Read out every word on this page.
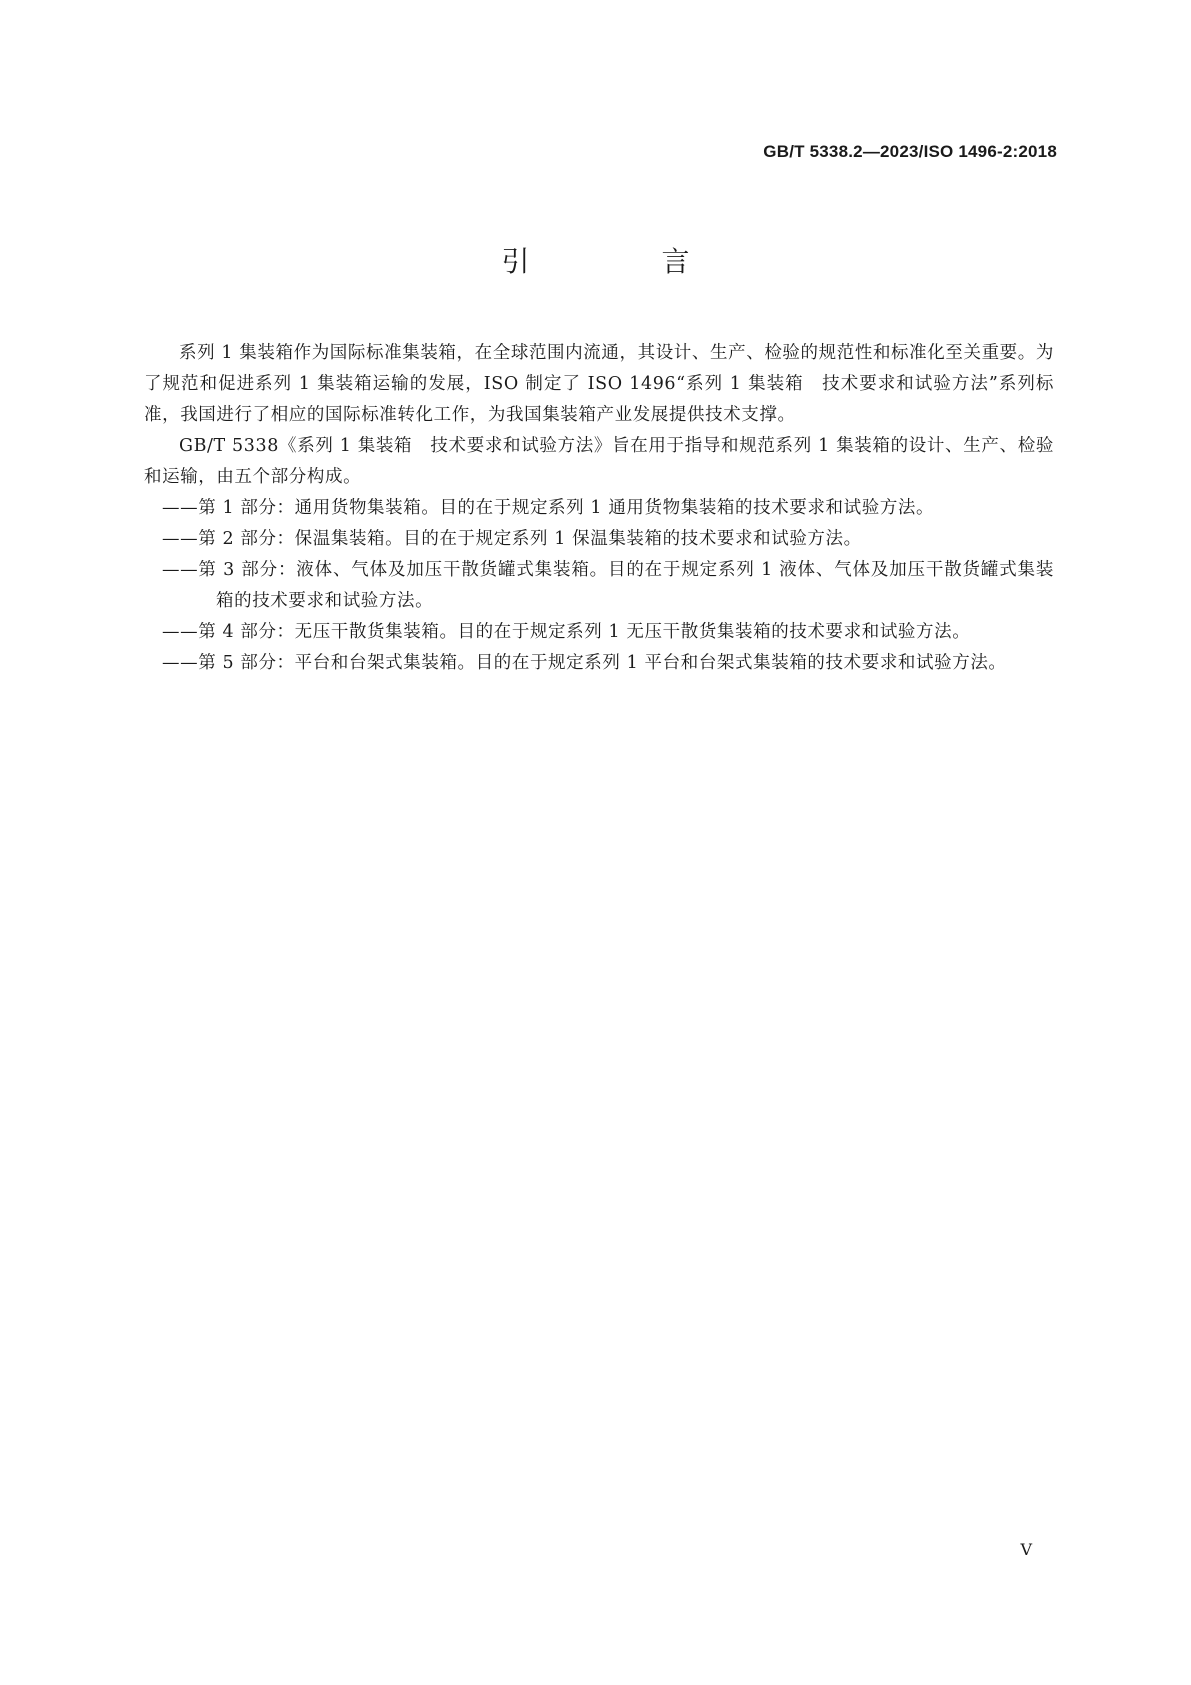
GB/T 5338.2—2023/ISO 1496-2:2018
引　言

系列 1 集装箱作为国际标准集装箱，在全球范围内流通，其设计、生产、检验的规范性和标准化至关重要。为了规范和促进系列 1 集装箱运输的发展，ISO 制定了 ISO 1496“系列 1 集装箱　技术要求和试验方法”系列标准，我国进行了相应的国际标准转化工作，为我国集装箱产业发展提供技术支撑。

GB/T 5338《系列 1 集装箱　技术要求和试验方法》旨在用于指导和规范系列 1 集装箱的设计、生产、检验和运输，由五个部分构成。

——第 1 部分：通用货物集装箱。目的在于规定系列 1 通用货物集装箱的技术要求和试验方法。

——第 2 部分：保温集装箱。目的在于规定系列 1 保温集装箱的技术要求和试验方法。

——第 3 部分：液体、气体及加压干散货罐式集装箱。目的在于规定系列 1 液体、气体及加压干散货罐式集装箱的技术要求和试验方法。

——第 4 部分：无压干散货集装箱。目的在于规定系列 1 无压干散货集装箱的技术要求和试验方法。

——第 5 部分：平台和台架式集装箱。目的在于规定系列 1 平台和台架式集装箱的技术要求和试验方法。

V
